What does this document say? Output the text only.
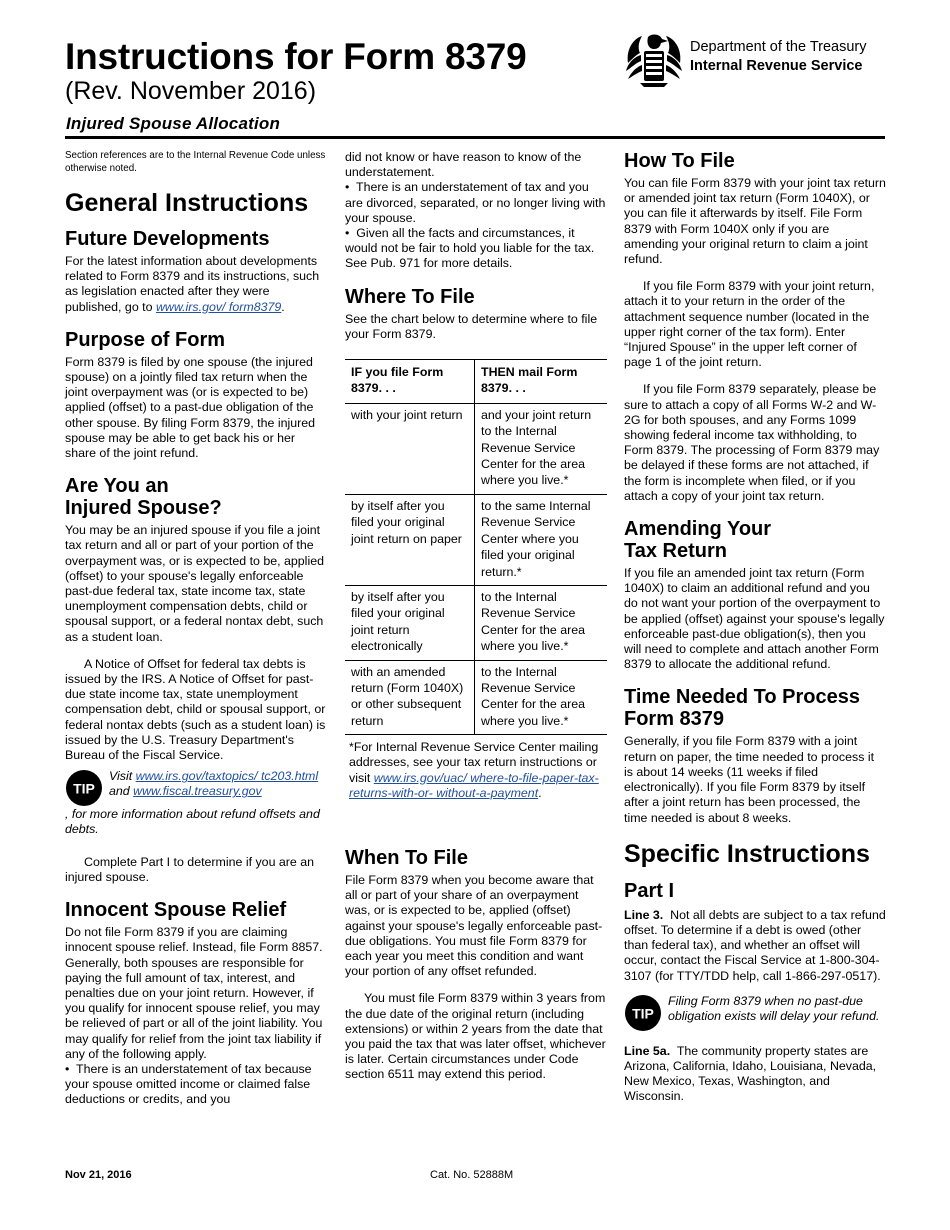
Instructions for Form 8379
(Rev. November 2016)
Injured Spouse Allocation
Department of the Treasury
Internal Revenue Service

Section references are to the Internal Revenue Code unless otherwise noted.

General Instructions
Future Developments

For the latest information about developments related to Form 8379 and its instructions, such as legislation enacted after they were published, go to www.irs.gov/ form8379.

Purpose of Form

Form 8379 is filed by one spouse (the injured spouse) on a jointly filed tax return when the joint overpayment was (or is expected to be) applied (offset) to a past-due obligation of the other spouse. By filing Form 8379, the injured spouse may be able to get back his or her share of the joint refund.

Are You an
Injured Spouse?

You may be an injured spouse if you file a joint tax return and all or part of your portion of the overpayment was, or is expected to be, applied (offset) to your spouse's legally enforceable past-due federal tax, state income tax, state unemployment compensation debts, child or spousal support, or a federal nontax debt, such as a student loan.

A Notice of Offset for federal tax debts is issued by the IRS. A Notice of Offset for past-due state income tax, state unemployment compensation debt, child or spousal support, or federal nontax debts (such as a student loan) is issued by the U.S. Treasury Department's Bureau of the Fiscal Service.

TIP

Visit www.irs.gov/taxtopics/ tc203.html and www.fiscal.treasury.gov

, for more information about refund offsets and debts.

Complete Part I to determine if you are an injured spouse.

Innocent Spouse Relief

Do not file Form 8379 if you are claiming innocent spouse relief. Instead, file Form 8857. Generally, both spouses are responsible for paying the full amount of tax, interest, and penalties due on your joint return. However, if you qualify for innocent spouse relief, you may be relieved of part or all of the joint liability. You may qualify for relief from the joint tax liability if any of the following apply.

•  There is an understatement of tax because your spouse omitted income or claimed false deductions or credits, and you

did not know or have reason to know of the understatement.

•  There is an understatement of tax and you are divorced, separated, or no longer living with your spouse.

•  Given all the facts and circumstances, it would not be fair to hold you liable for the tax. See Pub. 971 for more details.

Where To File

See the chart below to determine where to file your Form 8379.

IF you file Form 8379. . .	THEN mail Form 8379. . .
with your joint return	and your joint return to the Internal Revenue Service Center for the area where you live.*
by itself after you filed your original joint return on paper	to the same Internal Revenue Service Center where you filed your original return.*
by itself after you filed your original joint return electronically	to the Internal Revenue Service Center for the area where you live.*
with an amended return (Form 1040X) or other subsequent return	to the Internal Revenue Service Center for the area where you live.*

*For Internal Revenue Service Center mailing addresses, see your tax return instructions or visit www.irs.gov/uac/ where-to-file-paper-tax-returns-with-or- without-a-payment.

When To File

File Form 8379 when you become aware that all or part of your share of an overpayment was, or is expected to be, applied (offset) against your spouse's legally enforceable past-due obligations. You must file Form 8379 for each year you meet this condition and want your portion of any offset refunded.

You must file Form 8379 within 3 years from the due date of the original return (including extensions) or within 2 years from the date that you paid the tax that was later offset, whichever is later. Certain circumstances under Code section 6511 may extend this period.

How To File

You can file Form 8379 with your joint tax return or amended joint tax return (Form 1040X), or you can file it afterwards by itself. File Form 8379 with Form 1040X only if you are amending your original return to claim a joint refund.

If you file Form 8379 with your joint return, attach it to your return in the order of the attachment sequence number (located in the upper right corner of the tax form). Enter “Injured Spouse” in the upper left corner of page 1 of the joint return.

If you file Form 8379 separately, please be sure to attach a copy of all Forms W-2 and W-2G for both spouses, and any Forms 1099 showing federal income tax withholding, to Form 8379. The processing of Form 8379 may be delayed if these forms are not attached, if the form is incomplete when filed, or if you attach a copy of your joint tax return.

Amending Your
Tax Return

If you file an amended joint tax return (Form 1040X) to claim an additional refund and you do not want your portion of the overpayment to be applied (offset) against your spouse's legally enforceable past-due obligation(s), then you will need to complete and attach another Form 8379 to allocate the additional refund.

Time Needed To Process
Form 8379

Generally, if you file Form 8379 with a joint return on paper, the time needed to process it is about 14 weeks (11 weeks if filed electronically). If you file Form 8379 by itself after a joint return has been processed, the time needed is about 8 weeks.

Specific Instructions
Part I

Line 3. Not all debts are subject to a tax refund offset. To determine if a debt is owed (other than federal tax), and whether an offset will occur, contact the Fiscal Service at 1-800-304-3107 (for TTY/TDD help, call 1-866-297-0517).

TIP

Filing Form 8379 when no past-due obligation exists will delay your refund.

Line 5a. The community property states are Arizona, California, Idaho, Louisiana, Nevada, New Mexico, Texas, Washington, and Wisconsin.

Nov 21, 2016	Cat. No. 52888M
